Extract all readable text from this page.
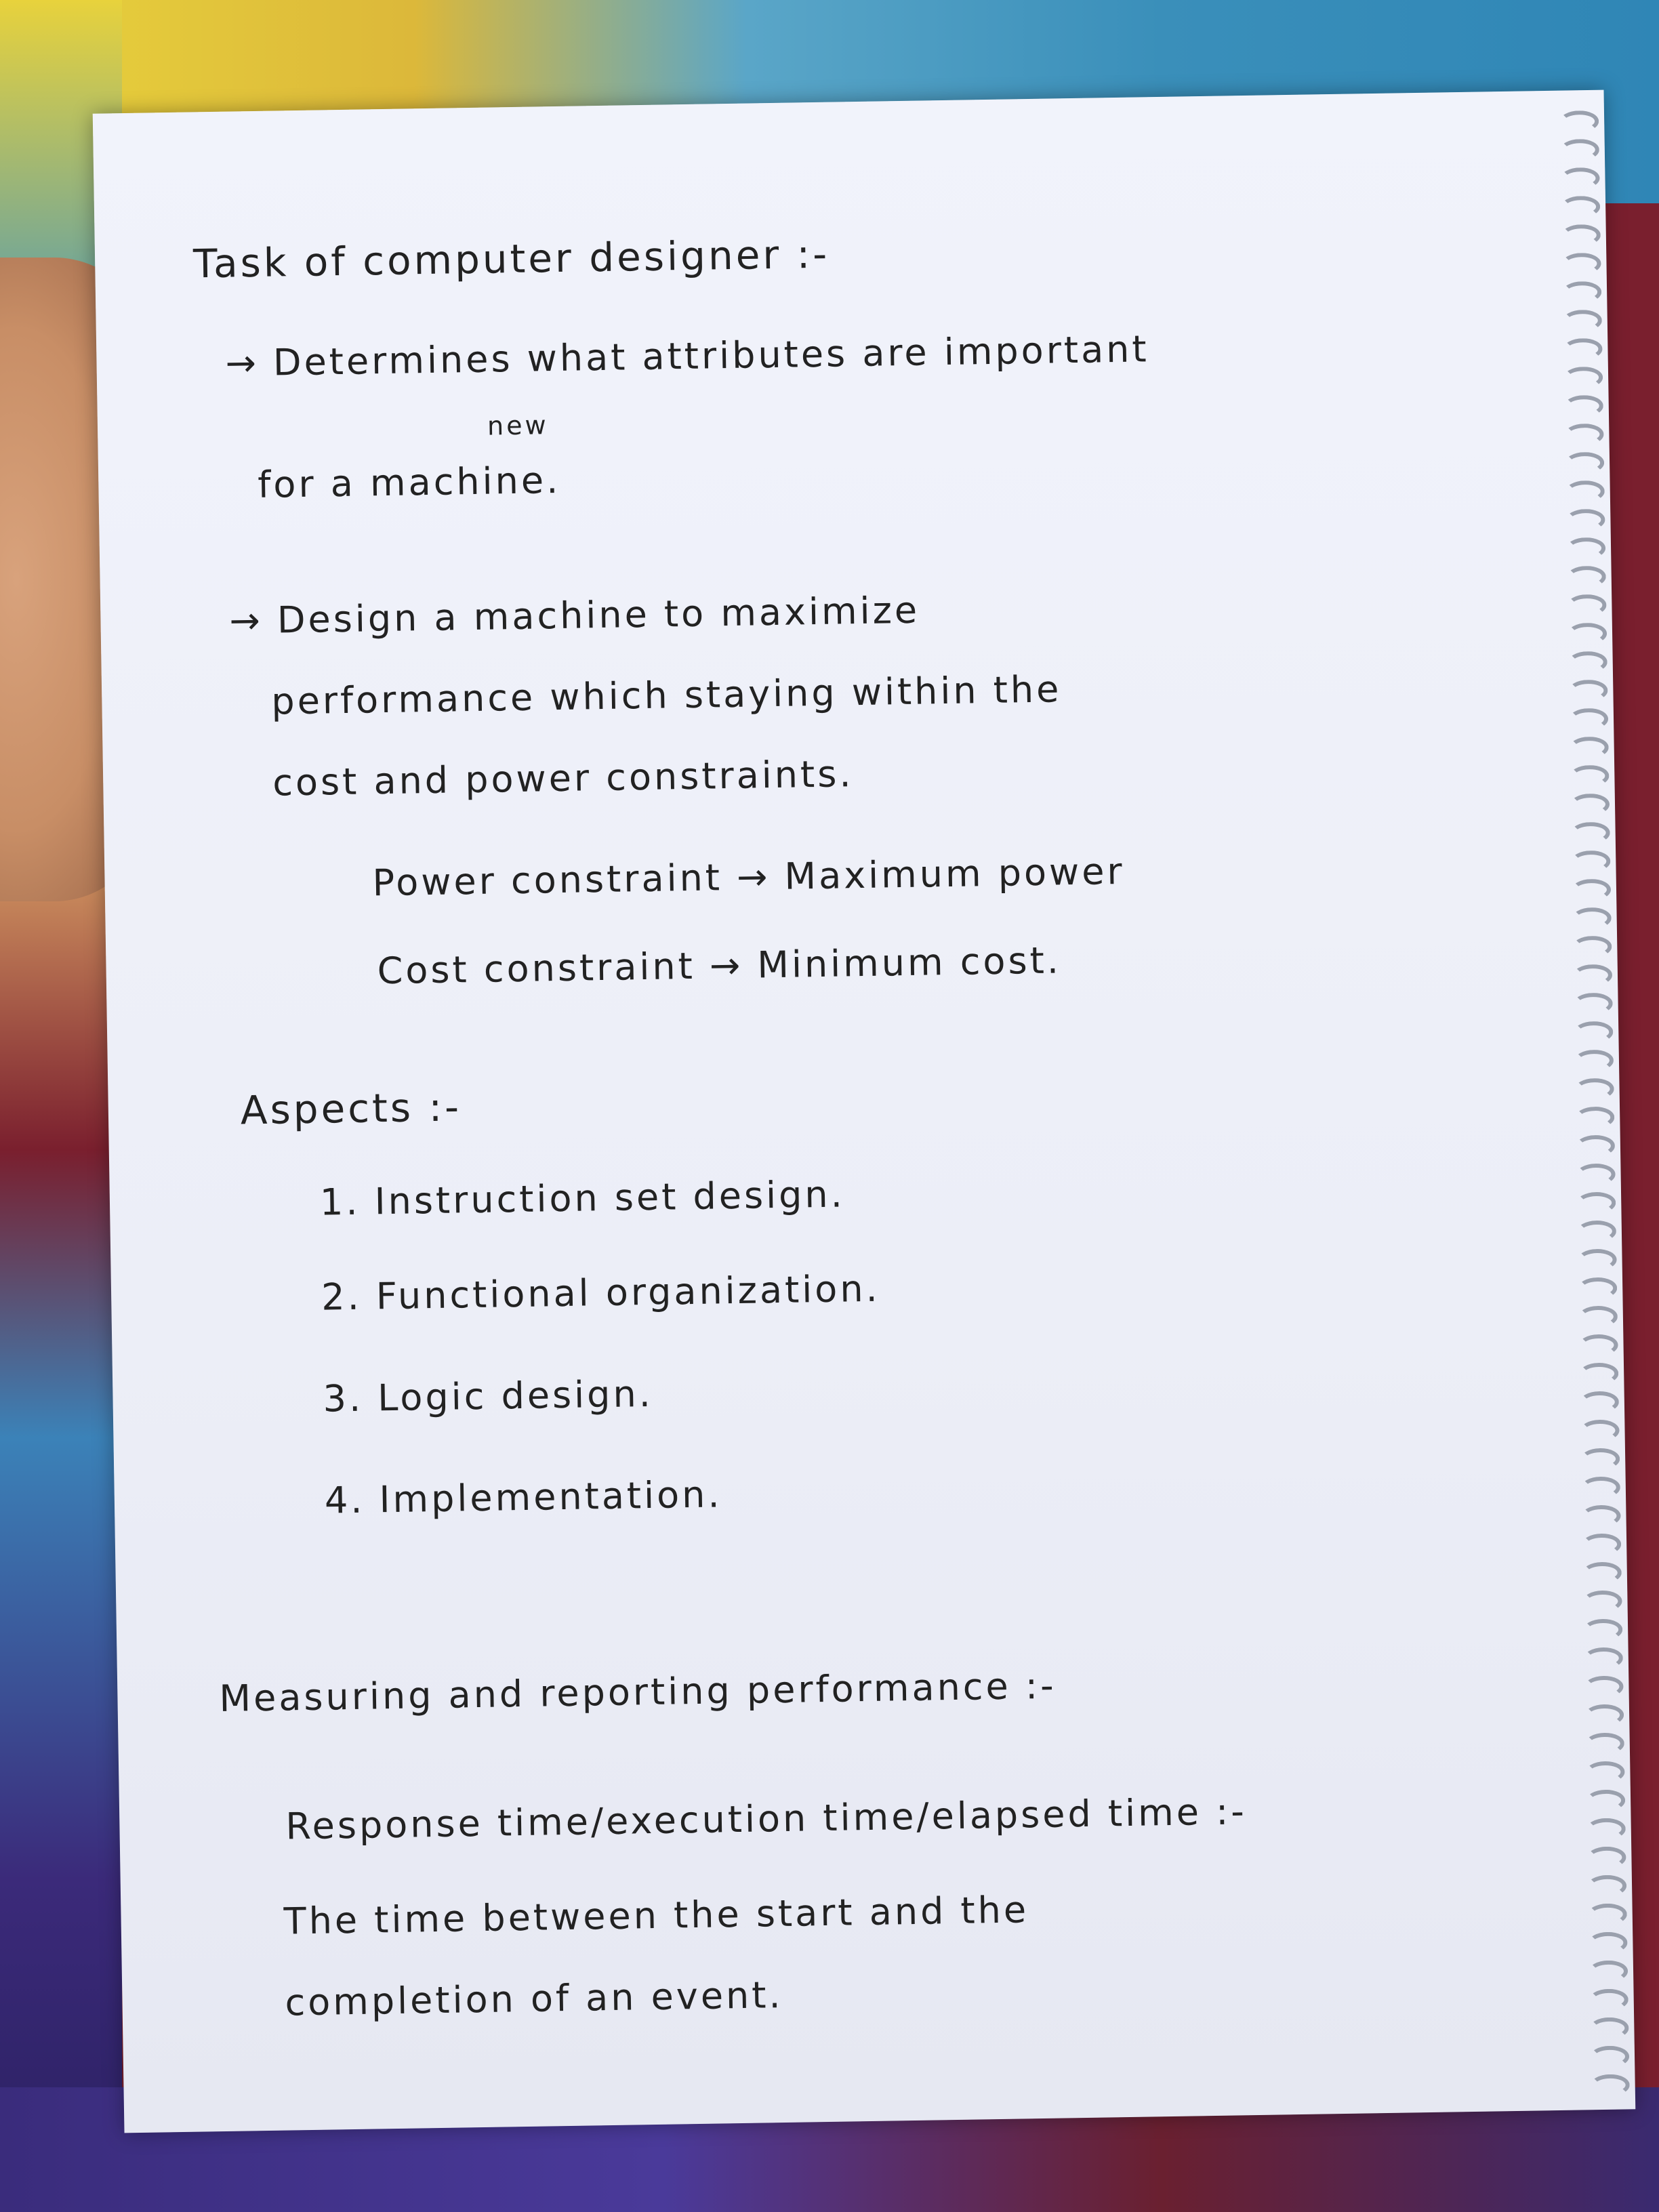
Task of computer designer :-
new
→ Determines what attributes are important
for a machine.
→ Design a machine to maximize
performance which staying within the
cost and power constraints.
Power constraint → Maximum power
Cost constraint → Minimum cost.
Aspects :-
1. Instruction set design.
2. Functional organization.
3. Logic design.
4. Implementation.
Measuring and reporting performance :-
Response time/execution time/elapsed time :-
The time between the start and the
completion of an event.
